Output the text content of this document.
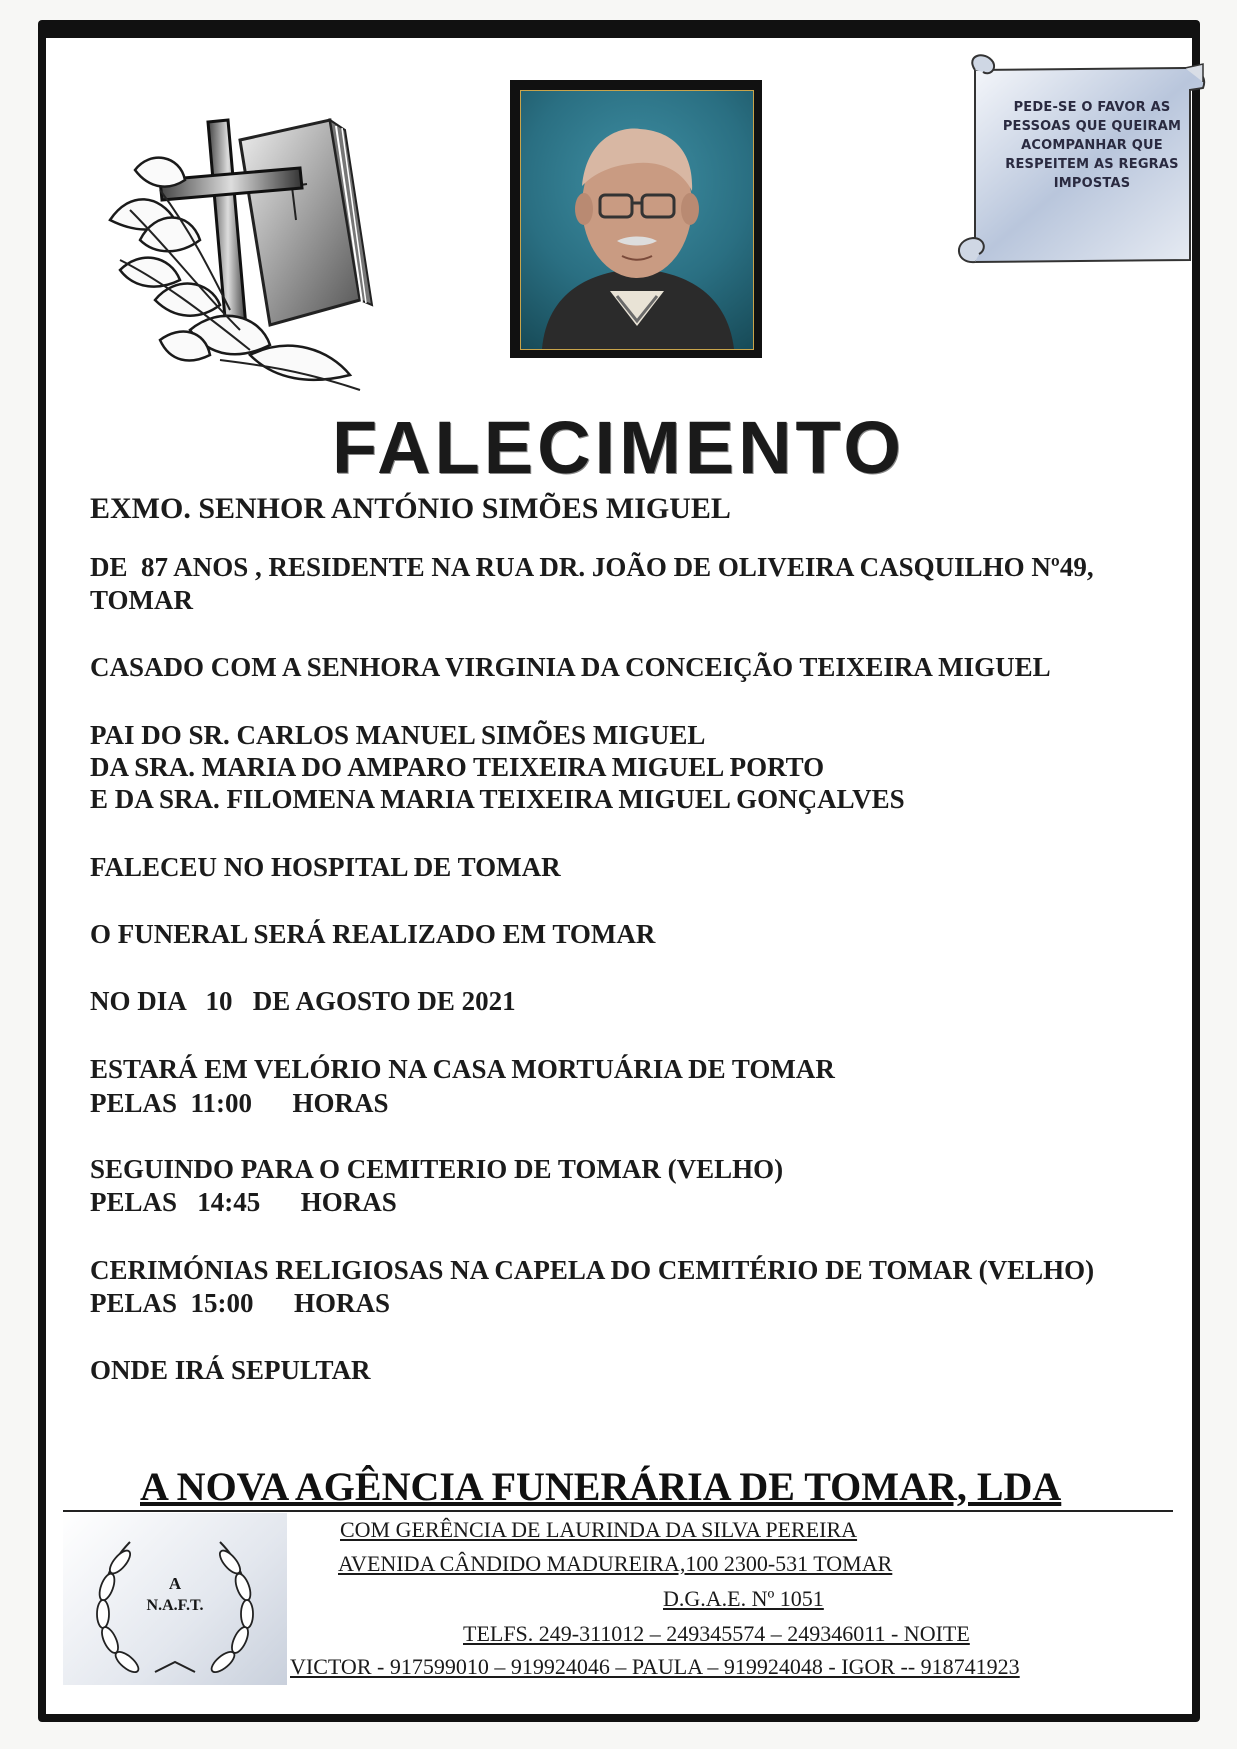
PEDE-SE O FAVOR AS PESSOAS QUE QUEIRAM ACOMPANHAR QUE RESPEITEM AS REGRAS IMPOSTAS
FALECIMENTO
EXMO. SENHOR ANTÓNIO SIMÕES MIGUEL
DE  87 ANOS , RESIDENTE NA RUA DR. JOÃO DE OLIVEIRA CASQUILHO Nº49,
TOMAR
CASADO COM A SENHORA VIRGINIA DA CONCEIÇÃO TEIXEIRA MIGUEL
PAI DO SR. CARLOS MANUEL SIMÕES MIGUEL
DA SRA. MARIA DO AMPARO TEIXEIRA MIGUEL PORTO
E DA SRA. FILOMENA MARIA TEIXEIRA MIGUEL GONÇALVES
FALECEU NO HOSPITAL DE TOMAR
O FUNERAL SERÁ REALIZADO EM TOMAR
NO DIA   10   DE AGOSTO DE 2021
ESTARÁ EM VELÓRIO NA CASA MORTUÁRIA DE TOMAR
PELAS  11:00      HORAS
SEGUINDO PARA O CEMITERIO DE TOMAR (VELHO)
PELAS   14:45      HORAS
CERIMÓNIAS RELIGIOSAS NA CAPELA DO CEMITÉRIO DE TOMAR (VELHO)
PELAS  15:00      HORAS
ONDE IRÁ SEPULTAR
A NOVA AGÊNCIA FUNERÁRIA DE TOMAR, LDA
A
N.A.F.T.
COM GERÊNCIA DE LAURINDA DA SILVA PEREIRA
AVENIDA CÂNDIDO MADUREIRA,100 2300-531 TOMAR
D.G.A.E. Nº 1051
TELFS. 249-311012 – 249345574 – 249346011 - NOITE
VICTOR - 917599010 – 919924046 – PAULA – 919924048 - IGOR -- 918741923
